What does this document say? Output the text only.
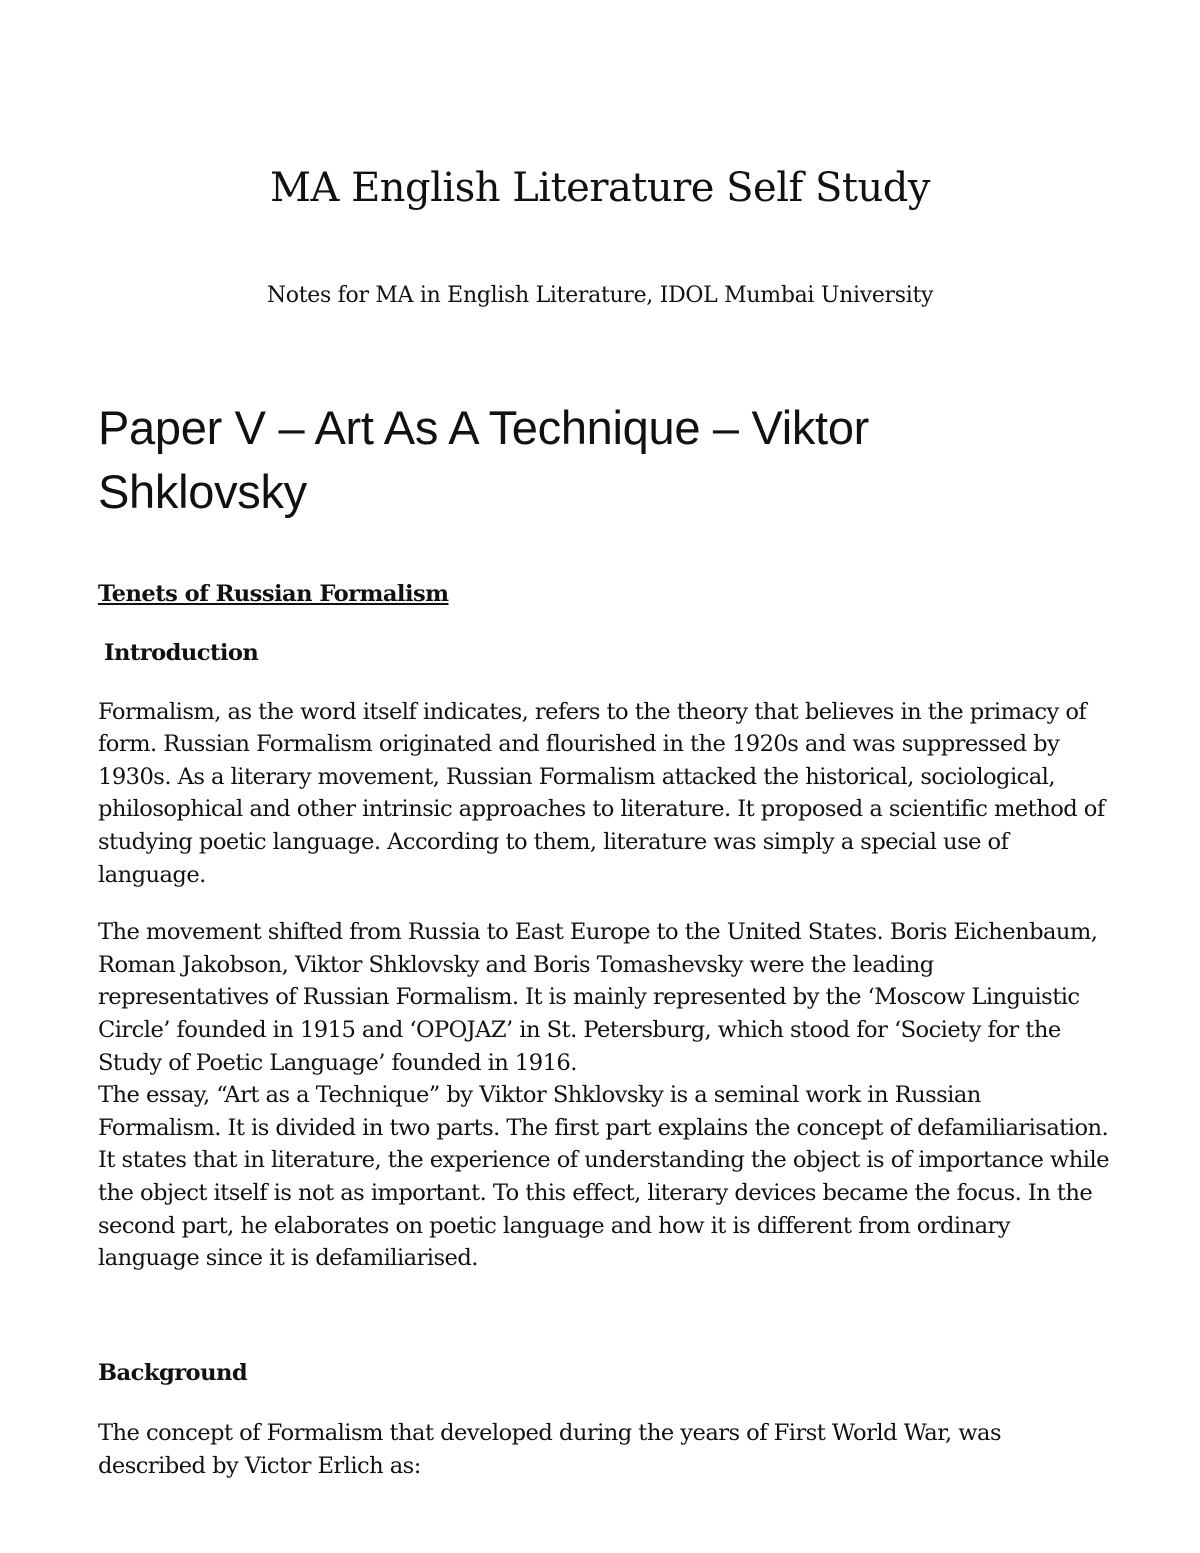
MA English Literature Self Study
Notes for MA in English Literature, IDOL Mumbai University
Paper V – Art As A Technique – Viktor Shklovsky

Tenets of Russian Formalism

Introduction

Formalism, as the word itself indicates, refers to the theory that believes in the primacy of form. Russian Formalism originated and flourished in the 1920s and was suppressed by 1930s. As a literary movement, Russian Formalism attacked the historical, sociological, philosophical and other intrinsic approaches to literature. It proposed a scientific method of studying poetic language. According to them, literature was simply a special use of language.

The movement shifted from Russia to East Europe to the United States. Boris Eichenbaum, Roman Jakobson, Viktor Shklovsky and Boris Tomashevsky were the leading representatives of Russian Formalism. It is mainly represented by the ‘Moscow Linguistic Circle’ founded in 1915 and ‘OPOJAZ’ in St. Petersburg, which stood for ‘Society for the Study of Poetic Language’ founded in 1916.

The essay, “Art as a Technique” by Viktor Shklovsky is a seminal work in Russian Formalism. It is divided in two parts. The first part explains the concept of defamiliarisation. It states that in literature, the experience of understanding the object is of importance while the object itself is not as important. To this effect, literary devices became the focus. In the second part, he elaborates on poetic language and how it is different from ordinary language since it is defamiliarised.

Background

The concept of Formalism that developed during the years of First World War, was described by Victor Erlich as:
